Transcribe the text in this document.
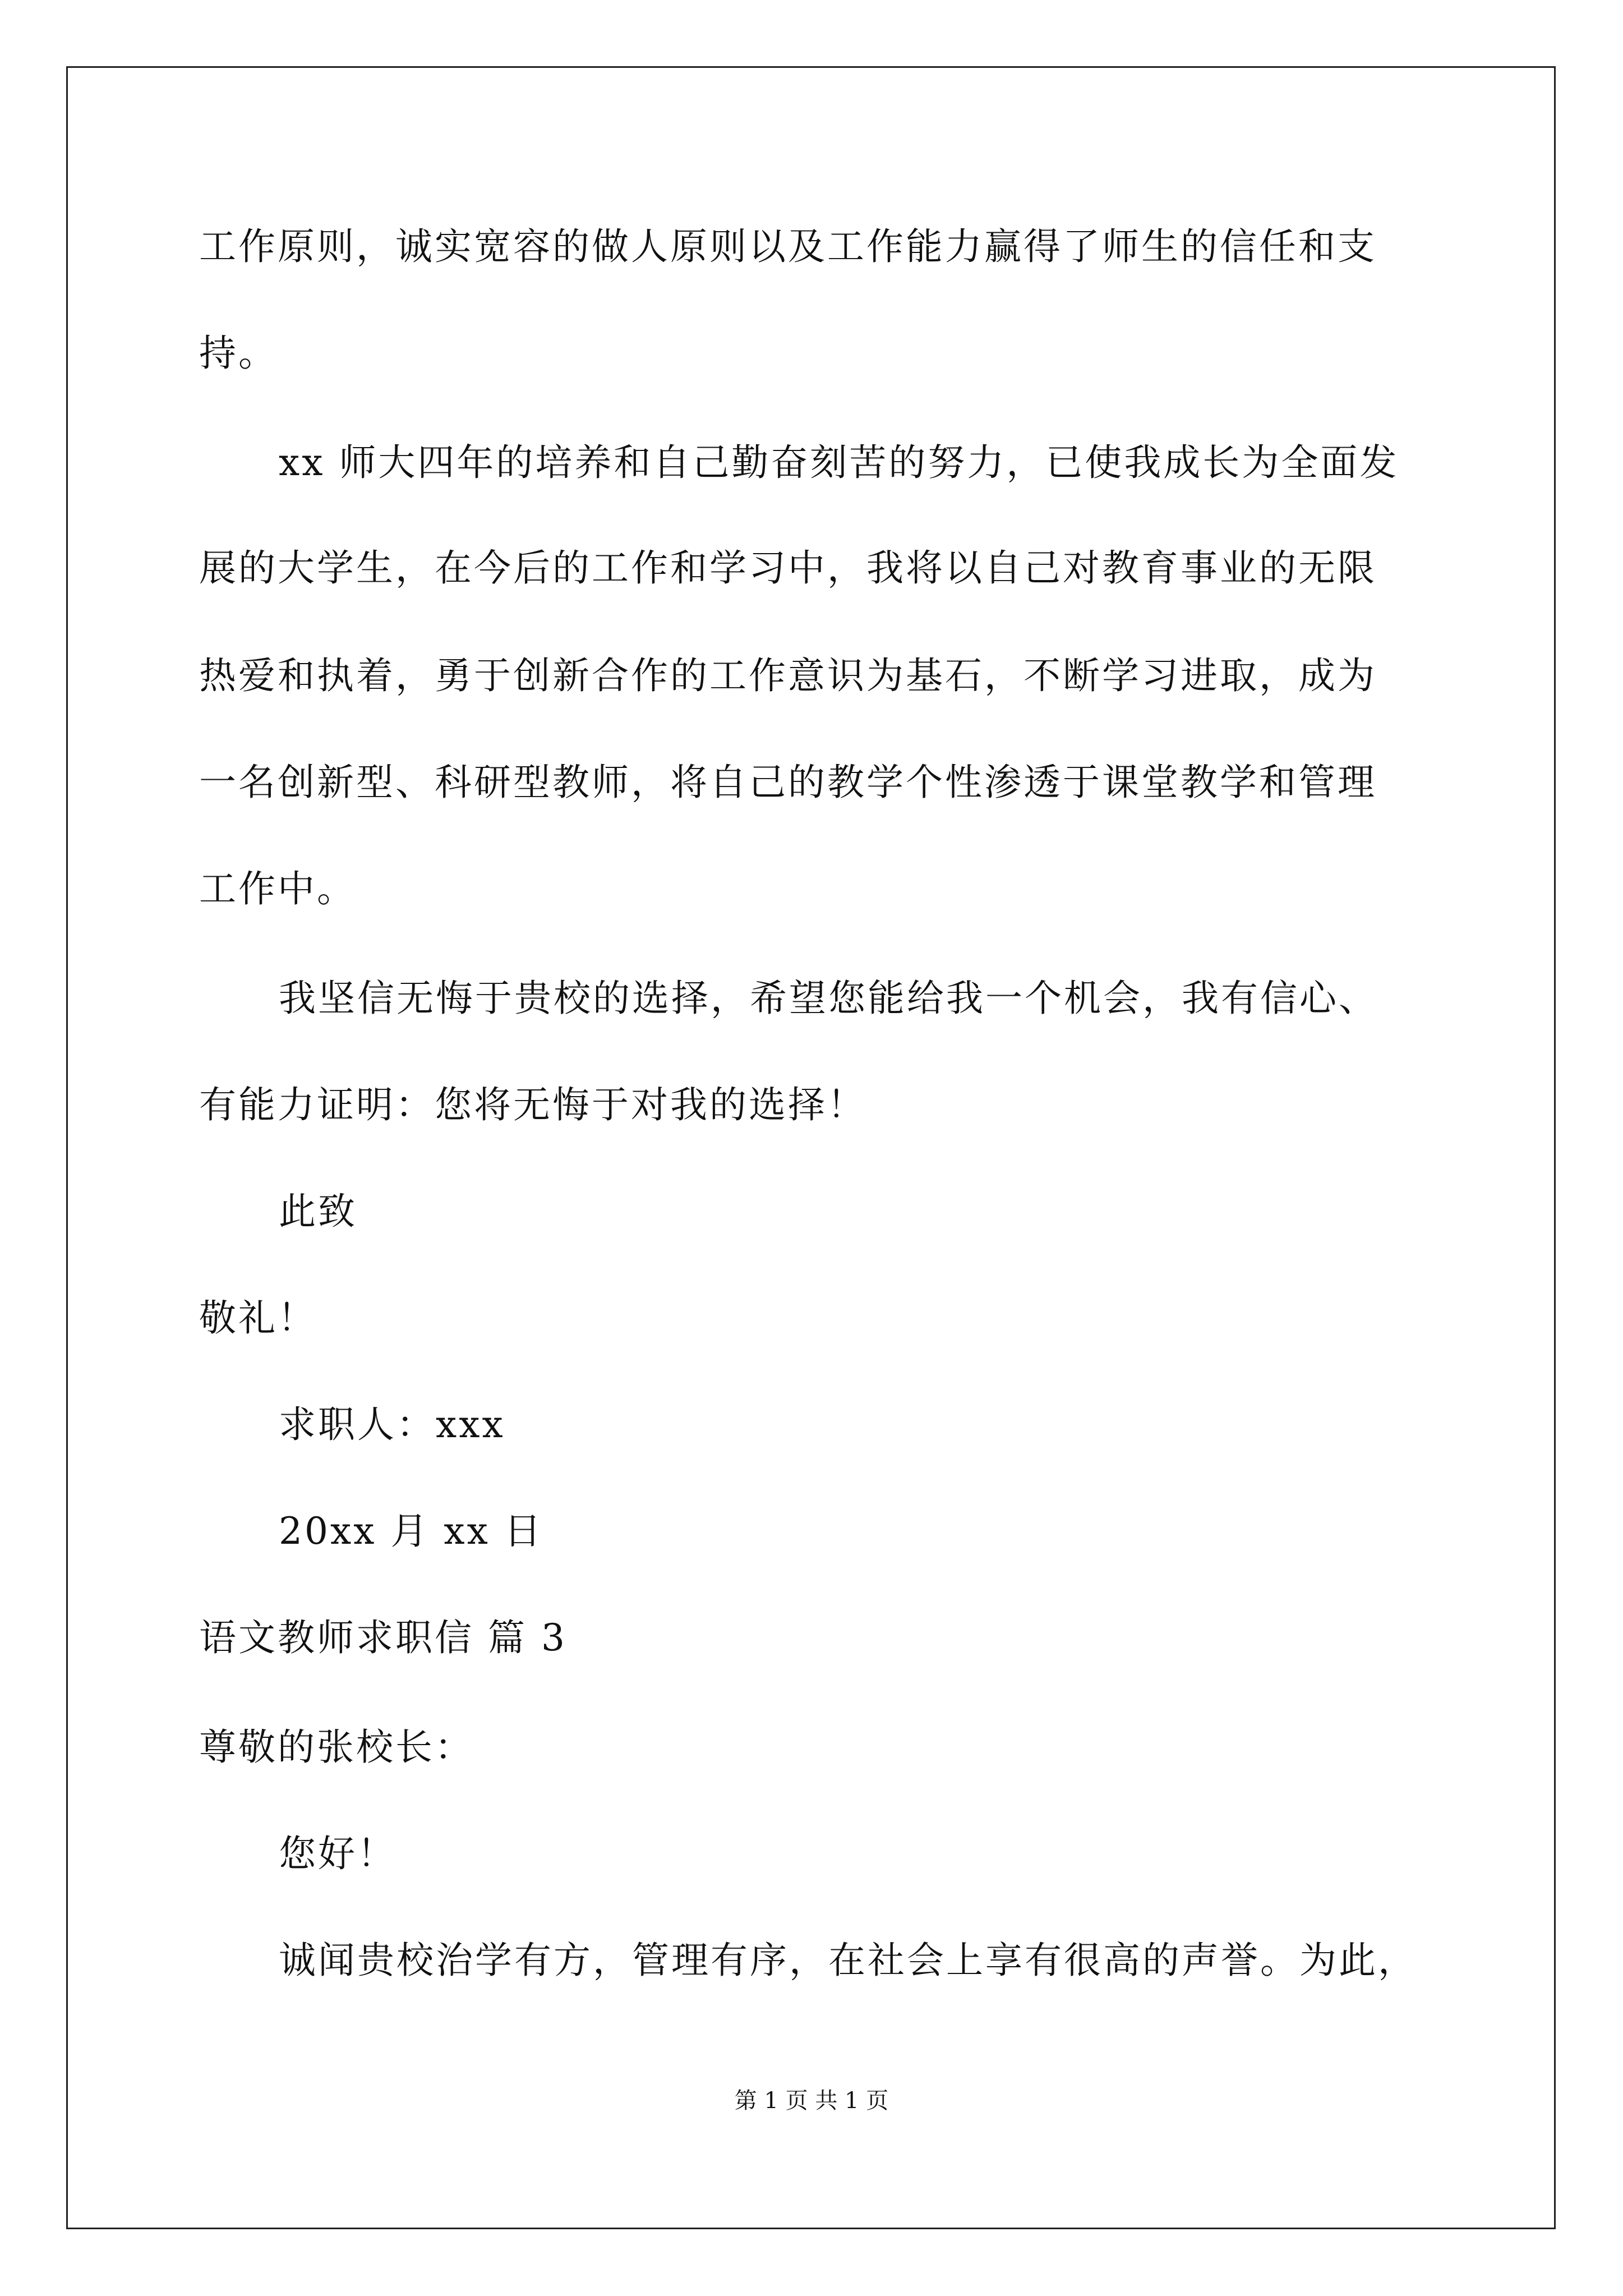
工作原则，诚实宽容的做人原则以及工作能力赢得了师生的信任和支
持。
xx 师大四年的培养和自己勤奋刻苦的努力，已使我成长为全面发
展的大学生，在今后的工作和学习中，我将以自己对教育事业的无限
热爱和执着，勇于创新合作的工作意识为基石，不断学习进取，成为
一名创新型、科研型教师，将自己的教学个性渗透于课堂教学和管理
工作中。
我坚信无悔于贵校的选择，希望您能给我一个机会，我有信心、
有能力证明：您将无悔于对我的选择！
此致
敬礼！
求职人：xxx
20xx 月 xx 日
语文教师求职信 篇 3
尊敬的张校长：
您好！
诚闻贵校治学有方，管理有序，在社会上享有很高的声誉。为此，
第 1 页 共 1 页
